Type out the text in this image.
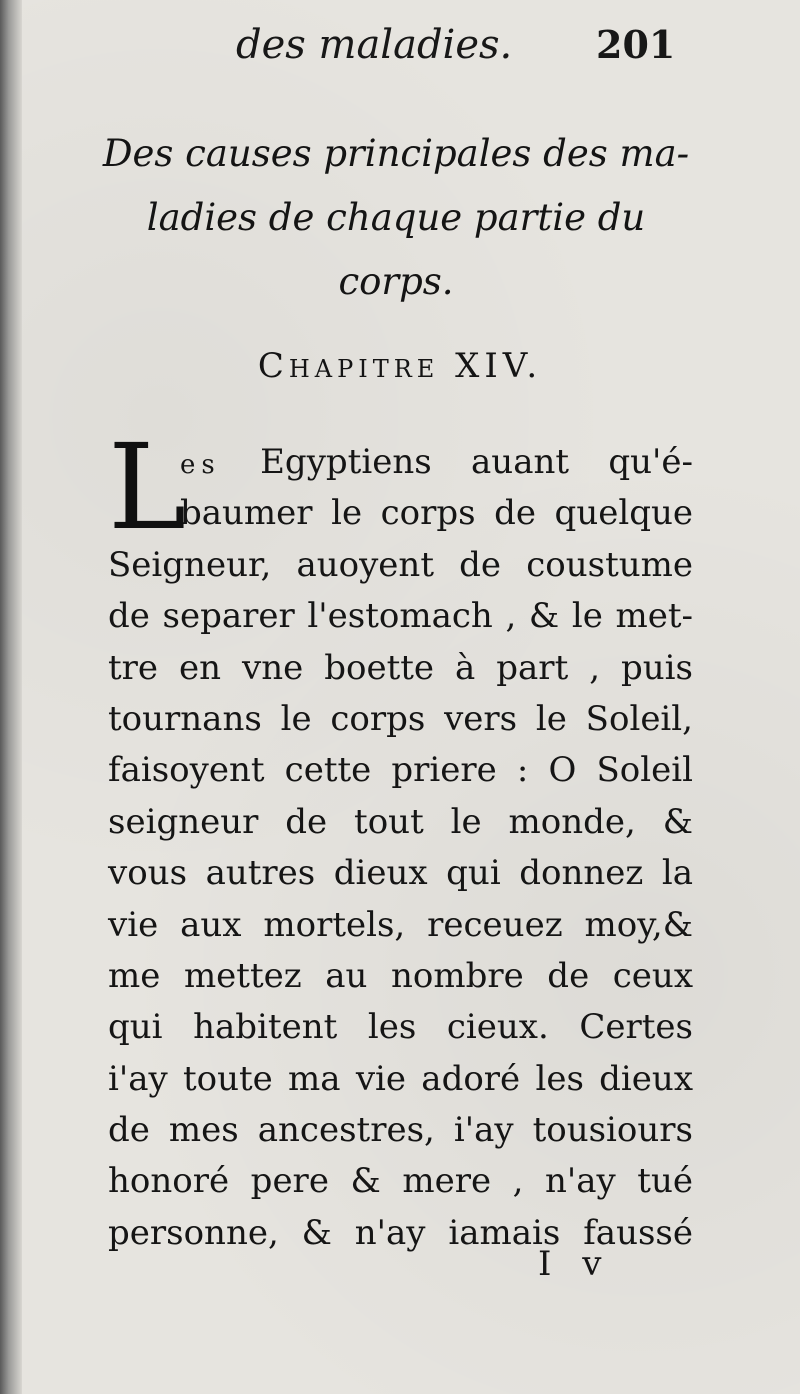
des maladies. 201
Des causes principales des ma-
ladies de chaque partie du
corps.
Chapitre XIV.
L
es Egyptiens auant qu'é-
baumer le corps de quelque
Seigneur, auoyent de coustume
de separer l'estomach , & le met-
tre en vne boette à part , puis
tournans le corps vers le Soleil,
faisoyent cette priere : O Soleil
seigneur de tout le monde, &
vous autres dieux qui donnez la
vie aux mortels, receuez moy,&
me mettez au nombre de ceux
qui habitent les cieux. Certes
i'ay toute ma vie adoré les dieux
de mes ancestres, i'ay tousiours
honoré pere & mere , n'ay tué
personne, & n'ay iamais faussé
I v
